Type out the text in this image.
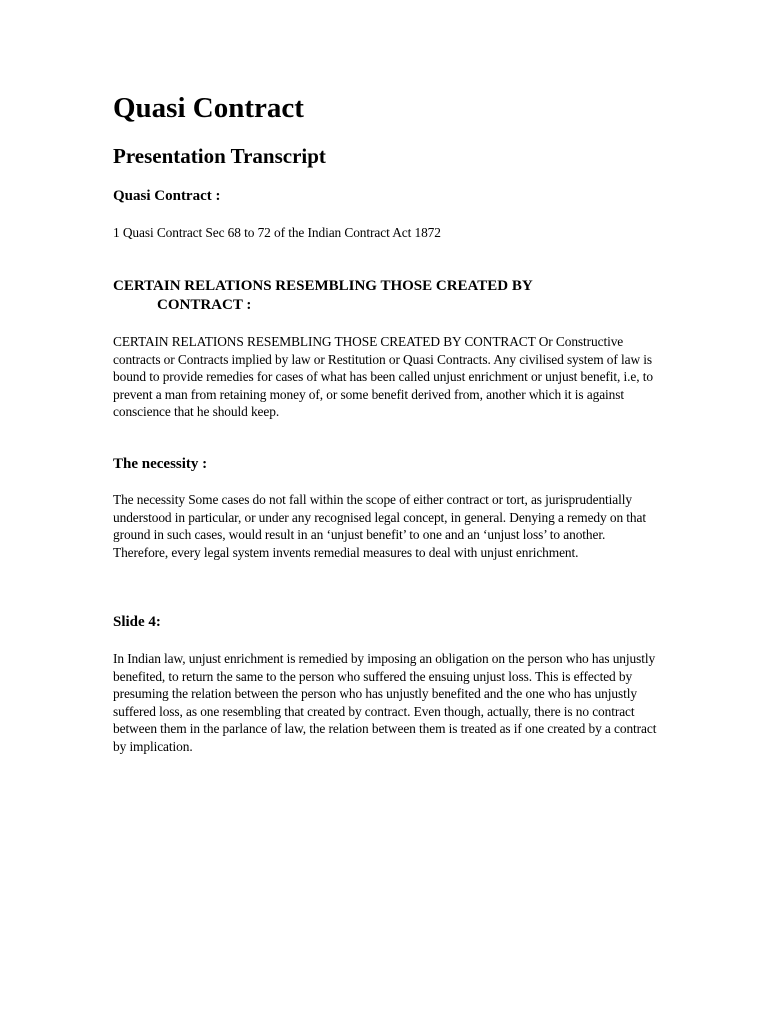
Quasi Contract
Presentation Transcript
Quasi Contract :

1 Quasi Contract Sec 68 to 72 of the Indian Contract Act 1872

CERTAIN RELATIONS RESEMBLING THOSE CREATED BY
CONTRACT :

CERTAIN RELATIONS RESEMBLING THOSE CREATED BY CONTRACT Or Constructive contracts or Contracts implied by law or Restitution or Quasi Contracts. Any civilised system of law is bound to provide remedies for cases of what has been called unjust enrichment or unjust benefit, i.e, to prevent a man from retaining money of, or some benefit derived from, another which it is against conscience that he should keep.

The necessity :

The necessity Some cases do not fall within the scope of either contract or tort, as jurisprudentially understood in particular, or under any recognised legal concept, in general. Denying a remedy on that ground in such cases, would result in an ‘unjust benefit’ to one and an ‘unjust loss’ to another. Therefore, every legal system invents remedial measures to deal with unjust enrichment.

Slide 4:

In Indian law, unjust enrichment is remedied by imposing an obligation on the person who has unjustly benefited, to return the same to the person who suffered the ensuing unjust loss. This is effected by presuming the relation between the person who has unjustly benefited and the one who has unjustly suffered loss, as one resembling that created by contract. Even though, actually, there is no contract between them in the parlance of law, the relation between them is treated as if one created by a contract by implication.
